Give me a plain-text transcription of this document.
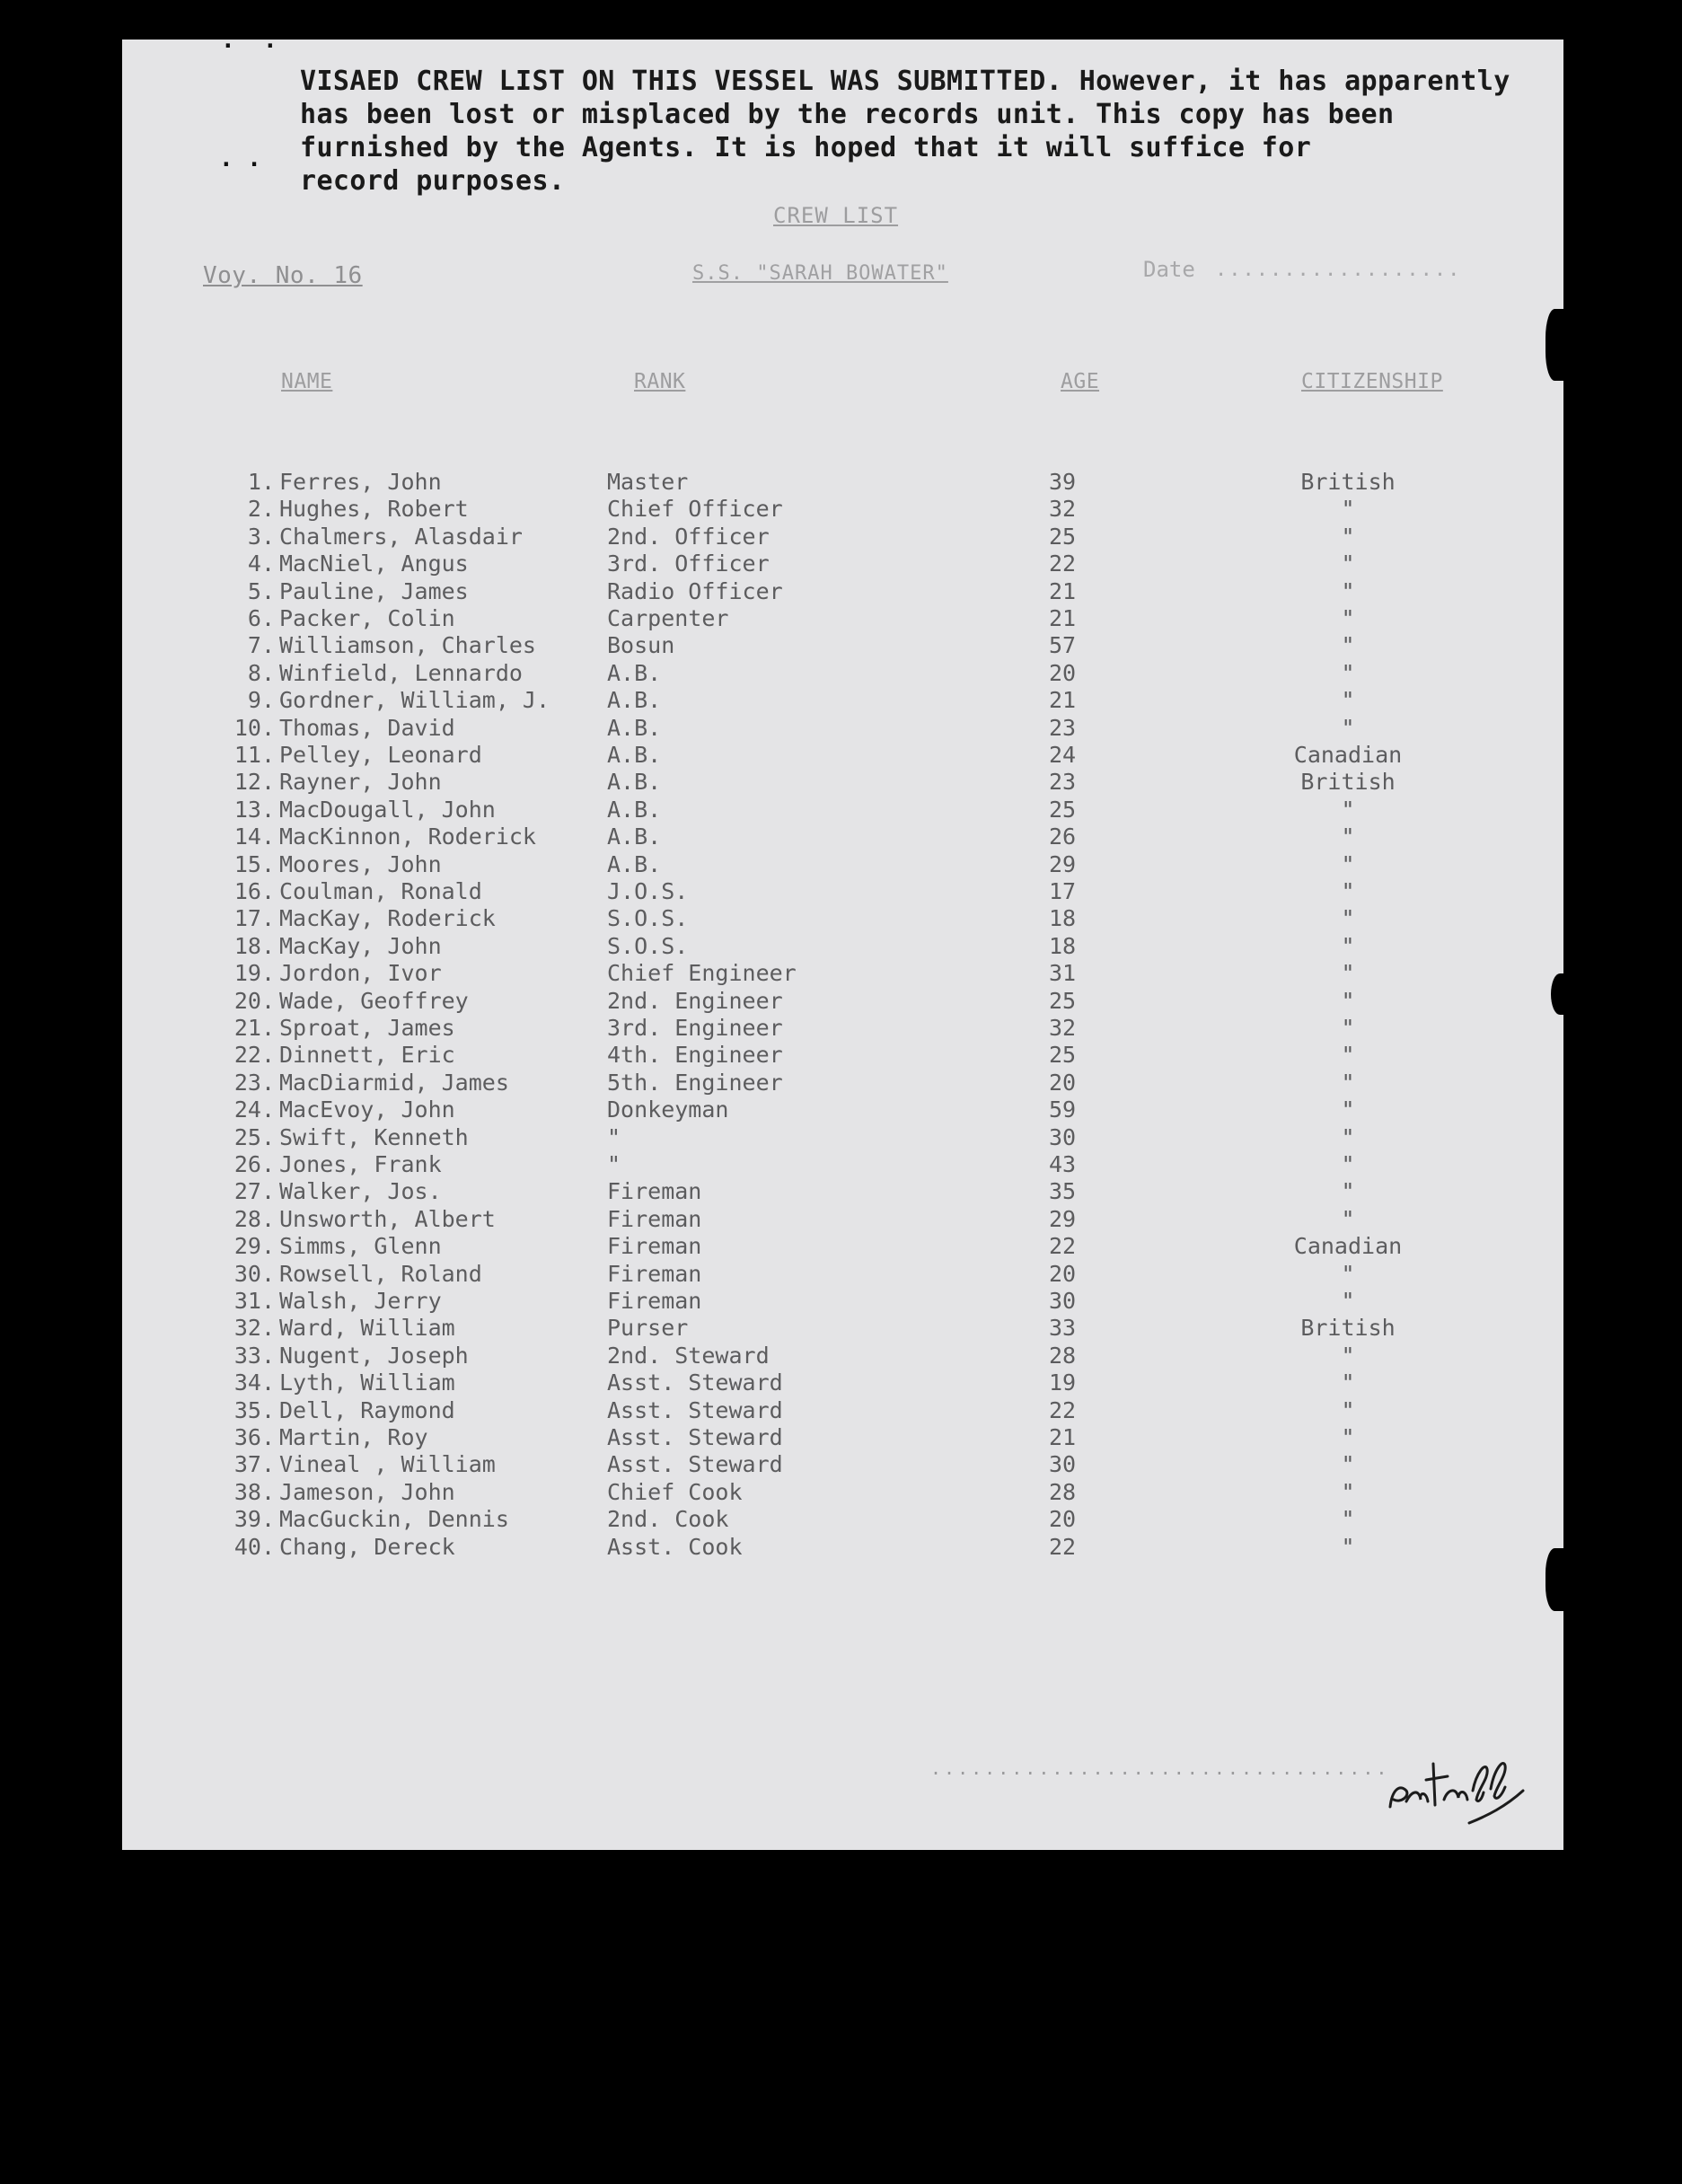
.  .
. .
VISAED CREW LIST ON THIS VESSEL WAS SUBMITTED. However, it has apparently
has been lost or misplaced by the records unit. This copy has been
furnished by the Agents. It is hoped that it will suffice for
record purposes.
CREW LIST
Voy. No. 16	S.S. "SARAH BOWATER"	Date ..................
NAME	RANK	AGE	CITIZENSHIP
1. Ferres, John	Master	39	British
2. Hughes, Robert	Chief Officer	32	"
3. Chalmers, Alasdair	2nd. Officer	25	"
4. MacNiel, Angus	3rd. Officer	22	"
5. Pauline, James	Radio Officer	21	"
6. Packer, Colin	Carpenter	21	"
7. Williamson, Charles	Bosun	57	"
8. Winfield, Lennardo	A.B.	20	"
9. Gordner, William, J.	A.B.	21	"
10. Thomas, David	A.B.	23	"
11. Pelley, Leonard	A.B.	24	Canadian
12. Rayner, John	A.B.	23	British
13. MacDougall, John	A.B.	25	"
14. MacKinnon, Roderick	A.B.	26	"
15. Moores, John	A.B.	29	"
16. Coulman, Ronald	J.O.S.	17	"
17. MacKay, Roderick	S.O.S.	18	"
18. MacKay, John	S.O.S.	18	"
19. Jordon, Ivor	Chief Engineer	31	"
20. Wade, Geoffrey	2nd. Engineer	25	"
21. Sproat, James	3rd. Engineer	32	"
22. Dinnett, Eric	4th. Engineer	25	"
23. MacDiarmid, James	5th. Engineer	20	"
24. MacEvoy, John	Donkeyman	59	"
25. Swift, Kenneth	"	30	"
26. Jones, Frank	"	43	"
27. Walker, Jos.	Fireman	35	"
28. Unsworth, Albert	Fireman	29	"
29. Simms, Glenn	Fireman	22	Canadian
30. Rowsell, Roland	Fireman	20	"
31. Walsh, Jerry	Fireman	30	"
32. Ward, William	Purser	33	British
33. Nugent, Joseph	2nd. Steward	28	"
34. Lyth, William	Asst. Steward	19	"
35. Dell, Raymond	Asst. Steward	22	"
36. Martin, Roy	Asst. Steward	21	"
37. Vineal , William	Asst. Steward	30	"
38. Jameson, John	Chief Cook	28	"
39. MacGuckin, Dennis	2nd. Cook	20	"
40. Chang, Dereck	Asst. Cook	22	"
..................................
